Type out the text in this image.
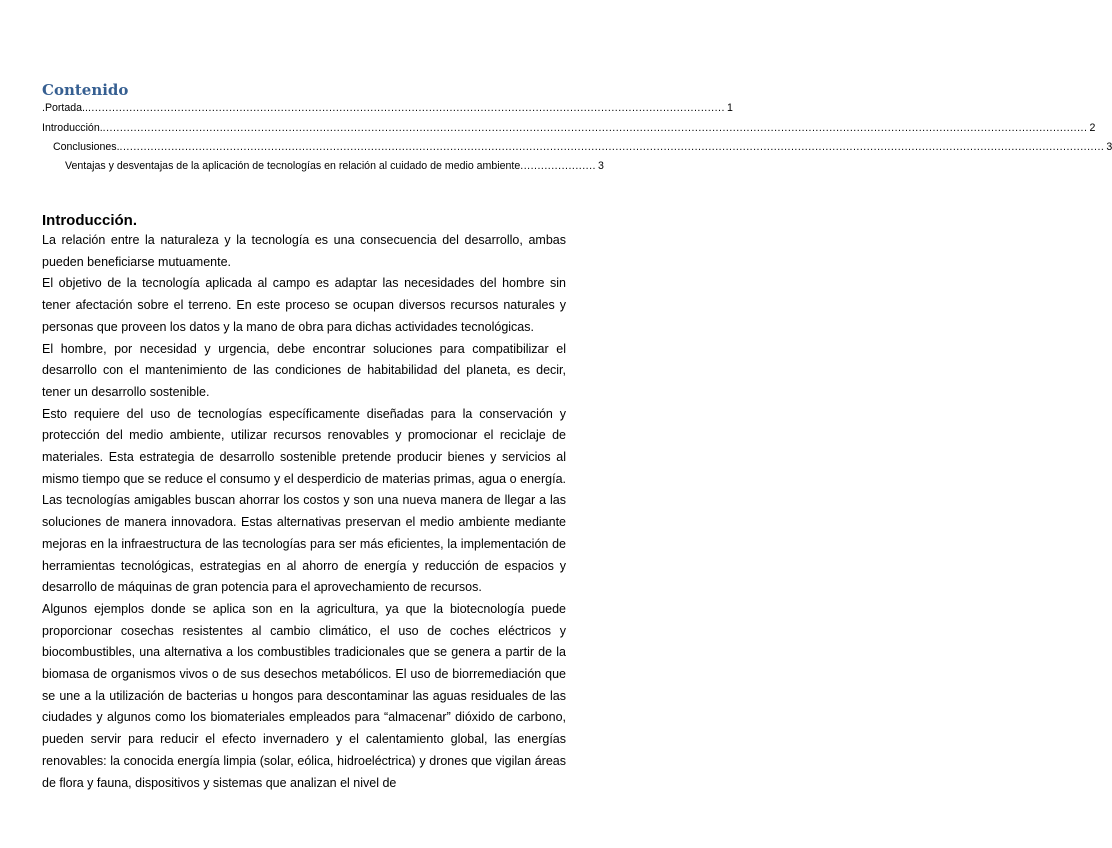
Contenido
.Portada.. ......................................................................................................................................................................................... 1
Introducción. .............................................................................................................................................................................................................................................................................................. 2
Conclusiones. .............................................................................................................................................................................................................................................................................................. 3
Ventajas y desventajas de la aplicación de tecnologías en relación al cuidado de medio ambiente ...................... 3
Introducción.

La relación entre la naturaleza y la tecnología es una consecuencia del desarrollo, ambas pueden beneficiarse mutuamente.

El objetivo de la tecnología aplicada al campo es adaptar las necesidades del hombre sin tener afectación sobre el terreno. En este proceso se ocupan diversos recursos naturales y personas que proveen los datos y la mano de obra para dichas actividades tecnológicas.

El hombre, por necesidad y urgencia, debe encontrar soluciones para compatibilizar el desarrollo con el mantenimiento de las condiciones de habitabilidad del planeta, es decir, tener un desarrollo sostenible.

Esto requiere del uso de tecnologías específicamente diseñadas para la conservación y protección del medio ambiente, utilizar recursos renovables y promocionar el reciclaje de materiales. Esta estrategia de desarrollo sostenible pretende producir bienes y servicios al mismo tiempo que se reduce el consumo y el desperdicio de materias primas, agua o energía. Las tecnologías amigables buscan ahorrar los costos y son una nueva manera de llegar a las soluciones de manera innovadora. Estas alternativas preservan el medio ambiente mediante mejoras en la infraestructura de las tecnologías para ser más eficientes, la implementación de herramientas tecnológicas, estrategias en al ahorro de energía y reducción de espacios y desarrollo de máquinas de gran potencia para el aprovechamiento de recursos.

Algunos ejemplos donde se aplica son en la agricultura, ya que la biotecnología puede proporcionar cosechas resistentes al cambio climático, el uso de coches eléctricos y biocombustibles, una alternativa a los combustibles tradicionales que se genera a partir de la biomasa de organismos vivos o de sus desechos metabólicos. El uso de biorremediación que se une a la utilización de bacterias u hongos para descontaminar las aguas residuales de las ciudades y algunos como los biomateriales empleados para “almacenar” dióxido de carbono, pueden servir para reducir el efecto invernadero y el calentamiento global, las energías renovables: la conocida energía limpia (solar, eólica, hidroeléctrica) y drones que vigilan áreas de flora y fauna, dispositivos y sistemas que analizan el nivel de
